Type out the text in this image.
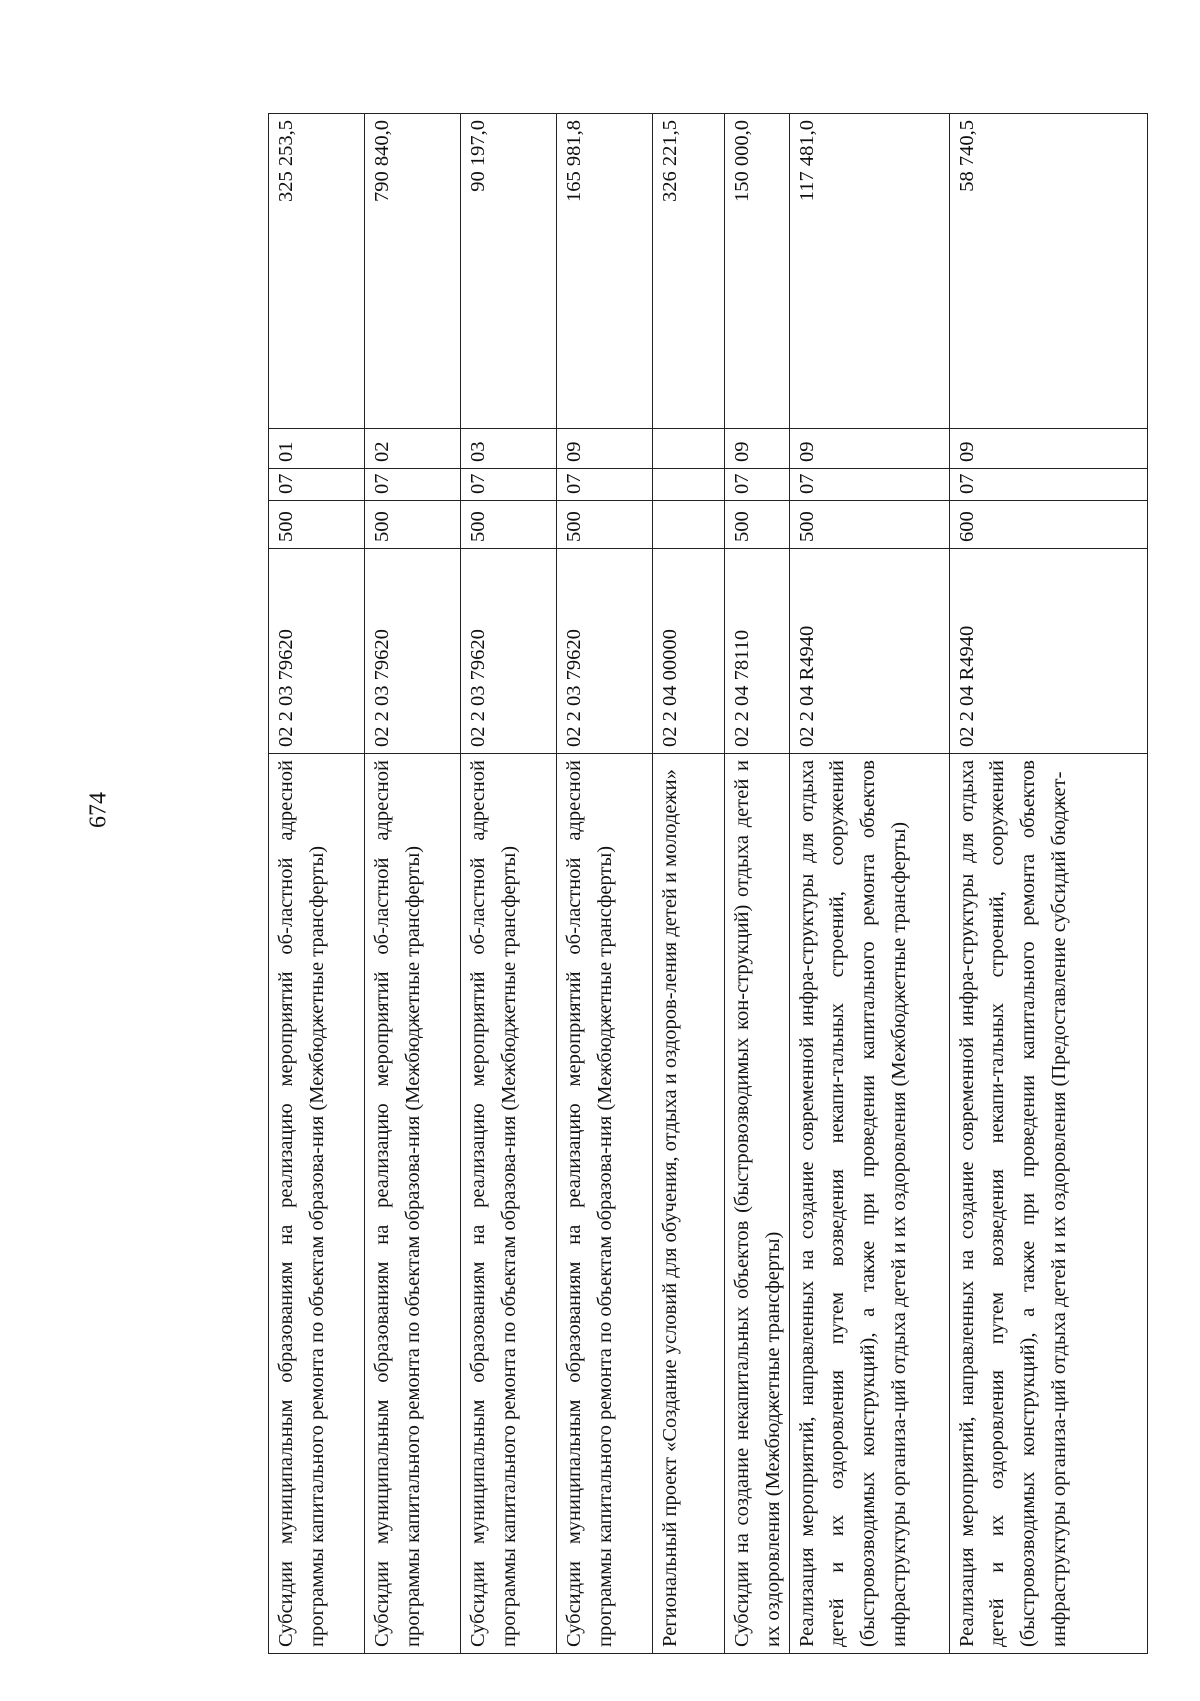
674	Субсидии муниципальным образованиям на реализацию мероприятий об-ластной адресной программы капитального ремонта по объектам образова-ния (Межбюджетные трансферты)	02 2 03 79620	500	07	01	325 253,5
Субсидии муниципальным образованиям на реализацию мероприятий об-ластной адресной программы капитального ремонта по объектам образова-ния (Межбюджетные трансферты)	02 2 03 79620	500	07	02	790 840,0
Субсидии муниципальным образованиям на реализацию мероприятий об-ластной адресной программы капитального ремонта по объектам образова-ния (Межбюджетные трансферты)	02 2 03 79620	500	07	03	90 197,0
Субсидии муниципальным образованиям на реализацию мероприятий об-ластной адресной программы капитального ремонта по объектам образова-ния (Межбюджетные трансферты)	02 2 03 79620	500	07	09	165 981,8
Региональный проект «Создание условий для обучения, отдыха и оздоров-ления детей и молодежи»	02 2 04 00000				326 221,5
Субсидии на создание некапитальных объектов (быстровозводимых кон-струкций) отдыха детей и их оздоровления (Межбюджетные трансферты)	02 2 04 78110	500	07	09	150 000,0
Реализация мероприятий, направленных на создание современной инфра-структуры для отдыха детей и их оздоровления путем возведения некапи-тальных строений, сооружений (быстровозводимых конструкций), а также при проведении капитального ремонта объектов инфраструктуры организа-ций отдыха детей и их оздоровления (Межбюджетные трансферты)	02 2 04 R4940	500	07	09	117 481,0
Реализация мероприятий, направленных на создание современной инфра-структуры для отдыха детей и их оздоровления путем возведения некапи-тальных строений, сооружений (быстровозводимых конструкций), а также при проведении капитального ремонта объектов инфраструктуры организа-ций отдыха детей и их оздоровления (Предоставление субсидий бюджет-	02 2 04 R4940	600	07	09	58 740,5
